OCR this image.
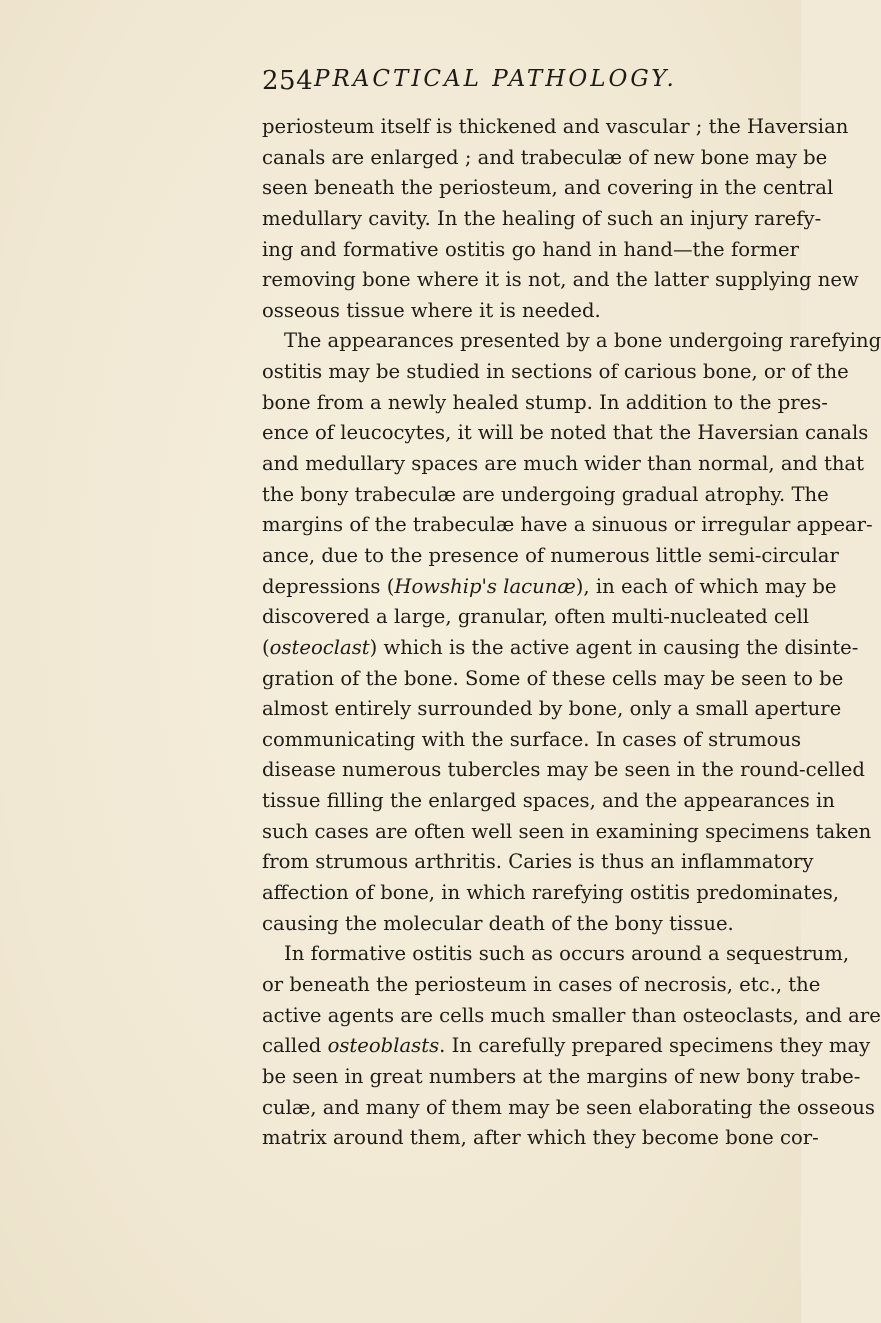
254 PRACTICAL PATHOLOGY.
periosteum itself is thickened and vascular ; the Haversian
canals are enlarged ; and trabeculæ of new bone may be
seen beneath the periosteum, and covering in the central
medullary cavity. In the healing of such an injury rarefy-
ing and formative ostitis go hand in hand—the former
removing bone where it is not, and the latter supplying new
osseous tissue where it is needed.
The appearances presented by a bone undergoing rarefying
ostitis may be studied in sections of carious bone, or of the
bone from a newly healed stump. In addition to the pres-
ence of leucocytes, it will be noted that the Haversian canals
and medullary spaces are much wider than normal, and that
the bony trabeculæ are undergoing gradual atrophy. The
margins of the trabeculæ have a sinuous or irregular appear-
ance, due to the presence of numerous little semi-circular
depressions (Howship's lacunæ), in each of which may be
discovered a large, granular, often multi-nucleated cell
(osteoclast) which is the active agent in causing the disinte-
gration of the bone. Some of these cells may be seen to be
almost entirely surrounded by bone, only a small aperture
communicating with the surface. In cases of strumous
disease numerous tubercles may be seen in the round-celled
tissue filling the enlarged spaces, and the appearances in
such cases are often well seen in examining specimens taken
from strumous arthritis. Caries is thus an inflammatory
affection of bone, in which rarefying ostitis predominates,
causing the molecular death of the bony tissue.
In formative ostitis such as occurs around a sequestrum,
or beneath the periosteum in cases of necrosis, etc., the
active agents are cells much smaller than osteoclasts, and are
called osteoblasts. In carefully prepared specimens they may
be seen in great numbers at the margins of new bony trabe-
culæ, and many of them may be seen elaborating the osseous
matrix around them, after which they become bone cor-
